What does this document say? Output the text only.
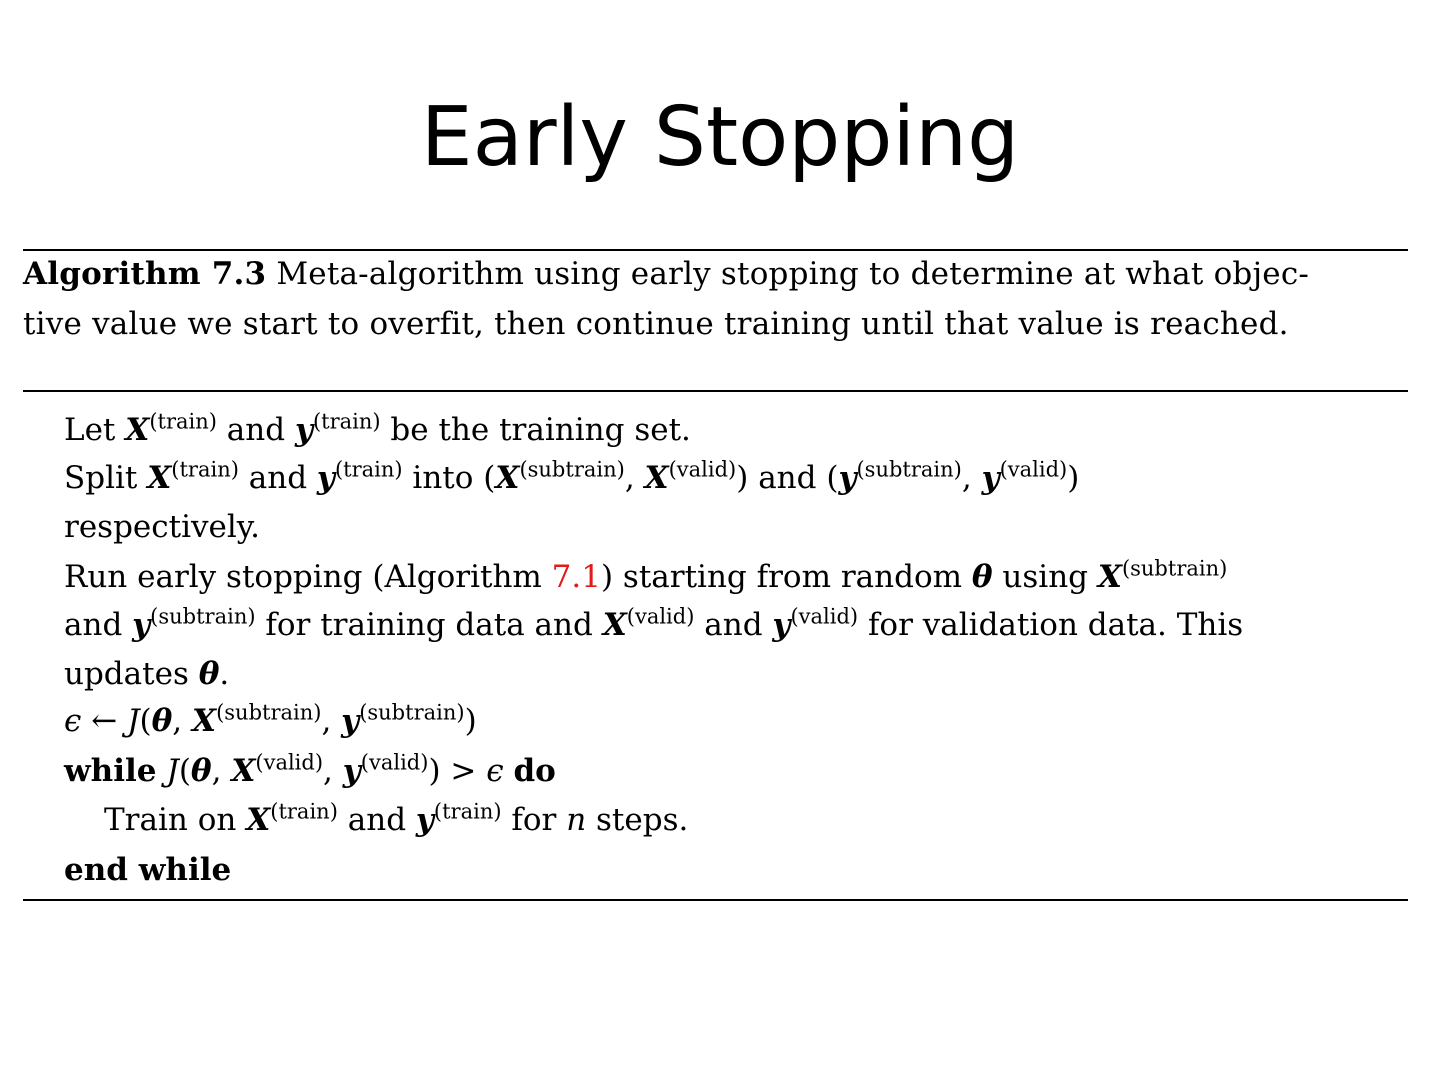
Early Stopping
Algorithm 7.3 Meta-algorithm using early stopping to determine at what objec-
tive value we start to overfit, then continue training until that value is reached.
Let $X^{(train)}$ and $y^{(train)}$ be the training set.
Split $X^{(train)}$ and $y^{(train)}$ into ($X^{(subtrain)}$, $X^{(valid)}$) and ($y^{(subtrain)}$, $y^{(valid)}$)
respectively.
Run early stopping (Algorithm 7.1) starting from random θ using $X^{(subtrain)}$
and $y^{(subtrain)}$ for training data and $X^{(valid)}$ and $y^{(valid)}$ for validation data. This
updates θ.
ϵ ← J(θ, $X^{(subtrain)}$, $y^{(subtrain)}$)
while J(θ, $X^{(valid)}$, $y^{(valid)}) > \epsilon$ do
Train on $X^{(train)}$ and $y^{(train)}$ for n steps.
end while
